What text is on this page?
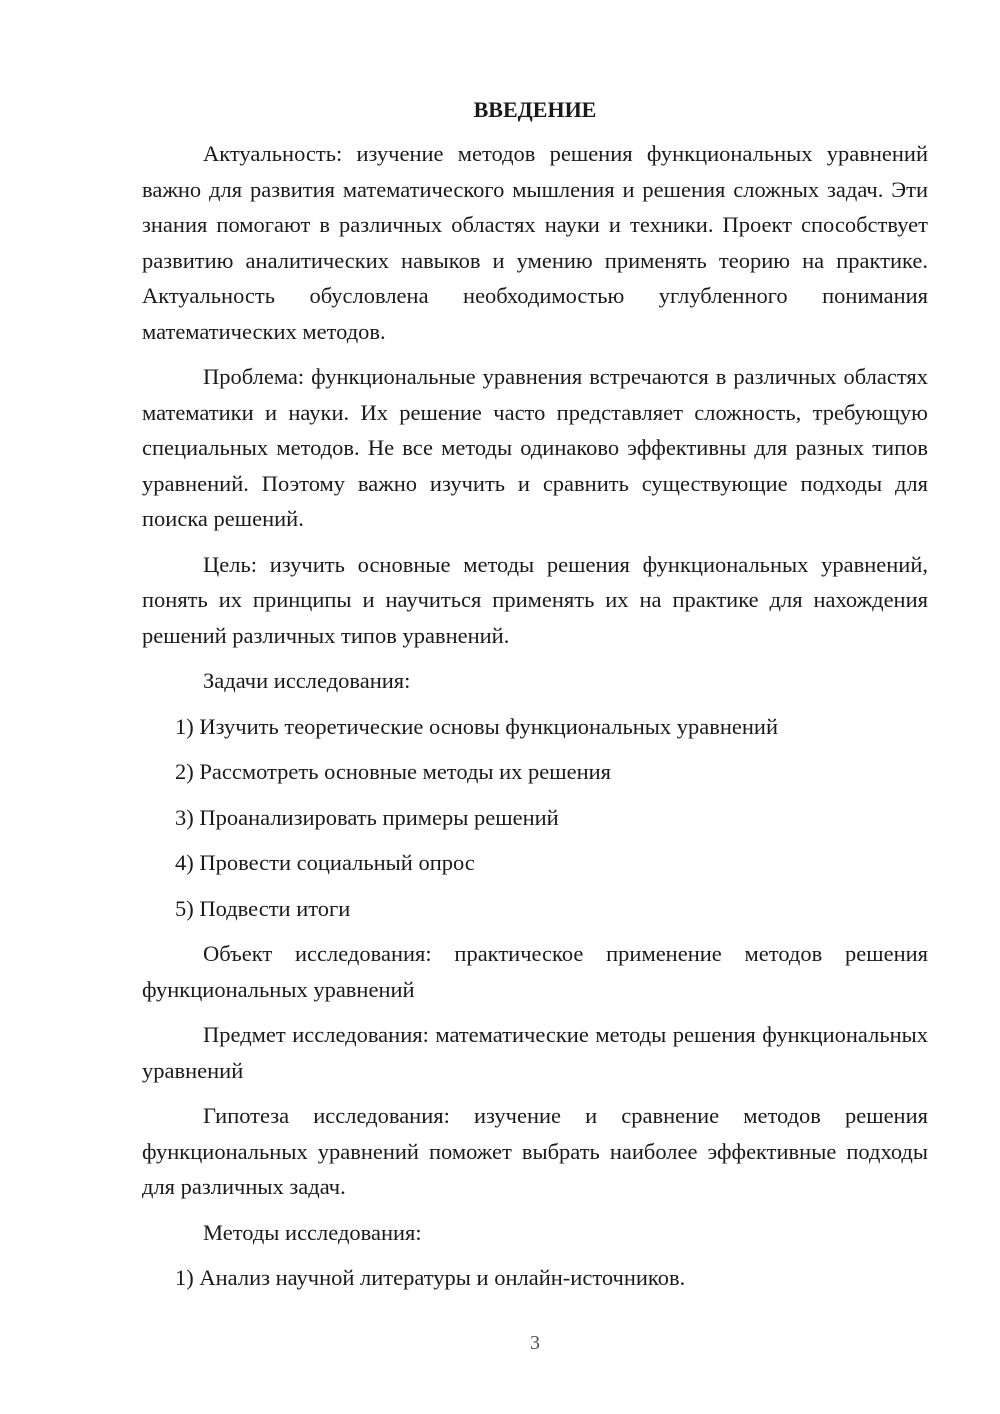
ВВЕДЕНИЕ

Актуальность: изучение методов решения функциональных уравнений важно для развития математического мышления и решения сложных задач. Эти знания помогают в различных областях науки и техники. Проект способствует развитию аналитических навыков и умению применять теорию на практике. Актуальность обусловлена необходимостью углубленного понимания математических методов.

Проблема: функциональные уравнения встречаются в различных областях математики и науки. Их решение часто представляет сложность, требующую специальных методов. Не все методы одинаково эффективны для разных типов уравнений. Поэтому важно изучить и сравнить существующие подходы для поиска решений.

Цель: изучить основные методы решения функциональных уравнений, понять их принципы и научиться применять их на практике для нахождения решений различных типов уравнений.

Задачи исследования:

1) Изучить теоретические основы функциональных уравнений
2) Рассмотреть основные методы их решения
3) Проанализировать примеры решений
4) Провести социальный опрос
5) Подвести итоги

Объект исследования: практическое применение методов решения функциональных уравнений

Предмет исследования: математические методы решения функциональных уравнений

Гипотеза исследования: изучение и сравнение методов решения функциональных уравнений поможет выбрать наиболее эффективные подходы для различных задач.

Методы исследования:

1) Анализ научной литературы и онлайн-источников.
3
